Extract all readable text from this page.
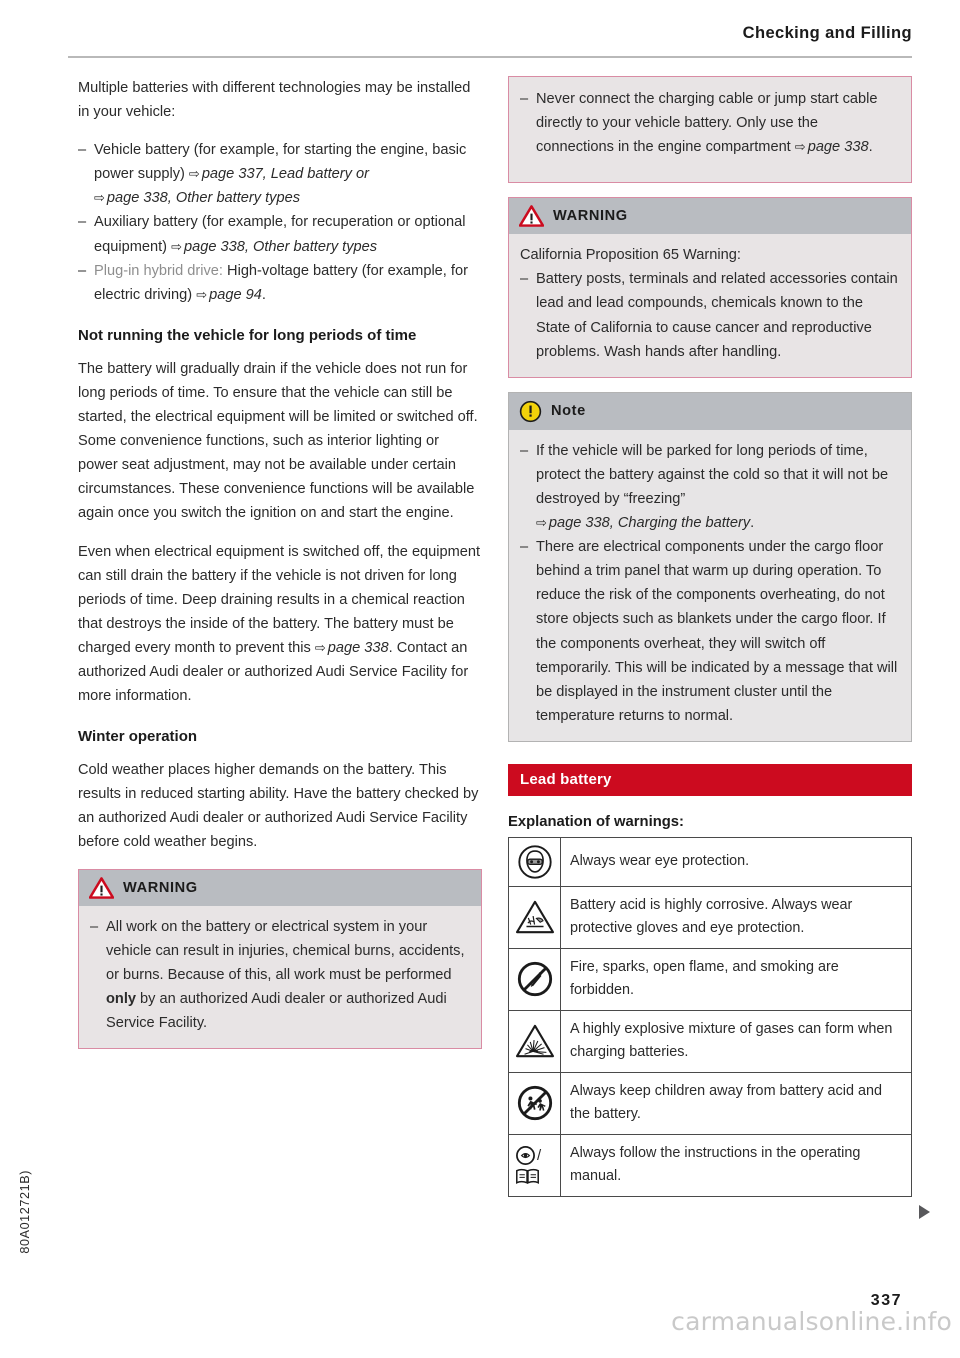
Checking and Filling

Multiple batteries with different technologies may be installed in your vehicle:

– Vehicle battery (for example, for starting the engine, basic power supply) ⇨ page 337, Lead battery or ⇨ page 338, Other battery types
– Auxiliary battery (for example, for recuperation or optional equipment) ⇨ page 338, Other battery types
– Plug-in hybrid drive: High-voltage battery (for example, for electric driving) ⇨ page 94.
Not running the vehicle for long periods of time

The battery will gradually drain if the vehicle does not run for long periods of time. To ensure that the vehicle can still be started, the electrical equipment will be limited or switched off. Some convenience functions, such as interior lighting or power seat adjustment, may not be available under certain circumstances. These convenience functions will be available again once you switch the ignition on and start the engine.

Even when electrical equipment is switched off, the equipment can still drain the battery if the vehicle is not driven for long periods of time. Deep draining results in a chemical reaction that destroys the inside of the battery. The battery must be charged every month to prevent this ⇨ page 338. Contact an authorized Audi dealer or authorized Audi Service Facility for more information.

Winter operation

Cold weather places higher demands on the battery. This results in reduced starting ability. Have the battery checked by an authorized Audi dealer or authorized Audi Service Facility before cold weather begins.

WARNING
– All work on the battery or electrical system in your vehicle can result in injuries, chemical burns, accidents, or burns. Because of this, all work must be performed only by an authorized Audi dealer or authorized Audi Service Facility.
– Never connect the charging cable or jump start cable directly to your vehicle battery. Only use the connections in the engine compartment ⇨ page 338.
WARNING

California Proposition 65 Warning:

– Battery posts, terminals and related accessories contain lead and lead compounds, chemicals known to the State of California to cause cancer and reproductive problems. Wash hands after handling.
Note
– If the vehicle will be parked for long periods of time, protect the battery against the cold so that it will not be destroyed by “freezing” ⇨ page 338, Charging the battery.
– There are electrical components under the cargo floor behind a trim panel that warm up during operation. To reduce the risk of the components overheating, do not store objects such as blankets under the cargo floor. If the components overheat, they will switch off temporarily. This will be indicated by a message that will be displayed in the instrument cluster until the temperature returns to normal.
Lead battery
Explanation of warnings:
	Always wear eye protection.
	Battery acid is highly corrosive. Always wear protective gloves and eye protection.
	Fire, sparks, open flame, and smoking are forbidden.
	A highly explosive mixture of gases can form when charging batteries.
	Always keep children away from battery acid and the battery.

/	Always follow the instructions in the operating manual.
80A012721B)
337
carmanualsonline.info
